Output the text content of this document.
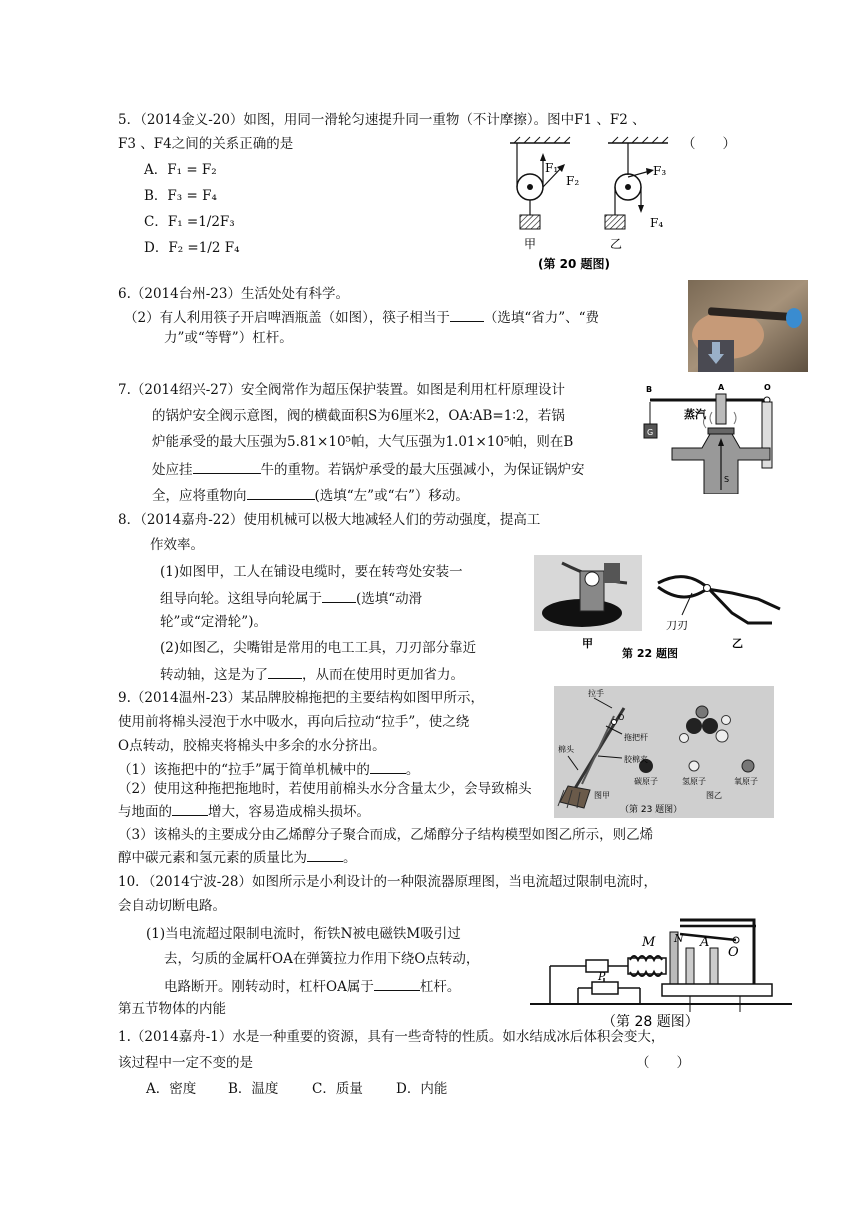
5．（2014金义-20）如图，用同一滑轮匀速提升同一重物（不计摩擦）。图中F1 、F2 、
F3 、F4之间的关系正确的是	（　　）
A．F₁ = F₂
B．F₃ = F₄
C．F₁ =1/2F₃
D．F₂ =1/2 F₄
F₁
F₂
F₃
F₄
甲	乙
(第 20 题图)
6.（2014台州-23）生活处处有科学。
（2）有人利用筷子开启啤酒瓶盖（如图），筷子相当于	（选填“省力”、“费
力”或“等臂”）杠杆。
7.（2014绍兴-27）安全阀常作为超压保护装置。如图是利用杠杆原理设计
的锅炉安全阀示意图，阀的横截面积S为6厘米2，OA∶AB=1∶2，若锅
炉能承受的最大压强为5.81×10⁵帕，大气压强为1.01×10⁵帕，则在B
处应挂	牛的重物。若锅炉承受的最大压强减小，为保证锅炉安
全，应将重物向	(选填“左”或“右”）移动。
G
B	A	O
蒸汽
S
8．（2014嘉舟-22）使用机械可以极大地减轻人们的劳动强度，提高工
作效率。
(1)如图甲，工人在铺设电缆时，要在转弯处安装一
组导向轮。这组导向轮属于	(选填“动滑
轮”或“定滑轮”)。
(2)如图乙，尖嘴钳是常用的电工工具，刀刃部分靠近
转动轴，这是为了	，从而在使用时更加省力。
刀刃
甲	乙
第 22 题图
9.（2014温州-23）某品牌胶棉拖把的主要结构如图甲所示，
使用前将棉头浸泡于水中吸水，再向后拉动“拉手”，使之绕
O点转动，胶棉夹将棉头中多余的水分挤出。
（1）该拖把中的“拉手”属于简单机械中的	。
（2）使用这种拖把拖地时，若使用前棉头水分含量太少，会导致棉头
与地面的	增大，容易造成棉头损坏。
（3）该棉头的主要成分由乙烯醇分子聚合而成，乙烯醇分子结构模型如图乙所示，则乙烯
醇中碳元素和氢元素的质量比为	。
拉手
O
棉头
拖把杆
胶棉夹
碳原子	氢原子	氧原子
图甲	图乙
（第 23 题图）
10．（2014宁波-28）如图所示是小利设计的一种限流器原理图，当电流超过限制电流时，
会自动切断电路。
(1)当电流超过限制电流时，衔铁N被电磁铁M吸引过
去，匀质的金属杆OA在弹簧拉力作用下绕O点转动，
电路断开。刚转动时，杠杆OA属于	杠杆。
M N A
O
P
（第 28 题图）
第五节物体的内能
1.（2014嘉舟-1）水是一种重要的资源，具有一些奇特的性质。如水结成冰后体积会变大，
该过程中一定不变的是	（　　）
A．密度 B．温度 C．质量 D．内能
